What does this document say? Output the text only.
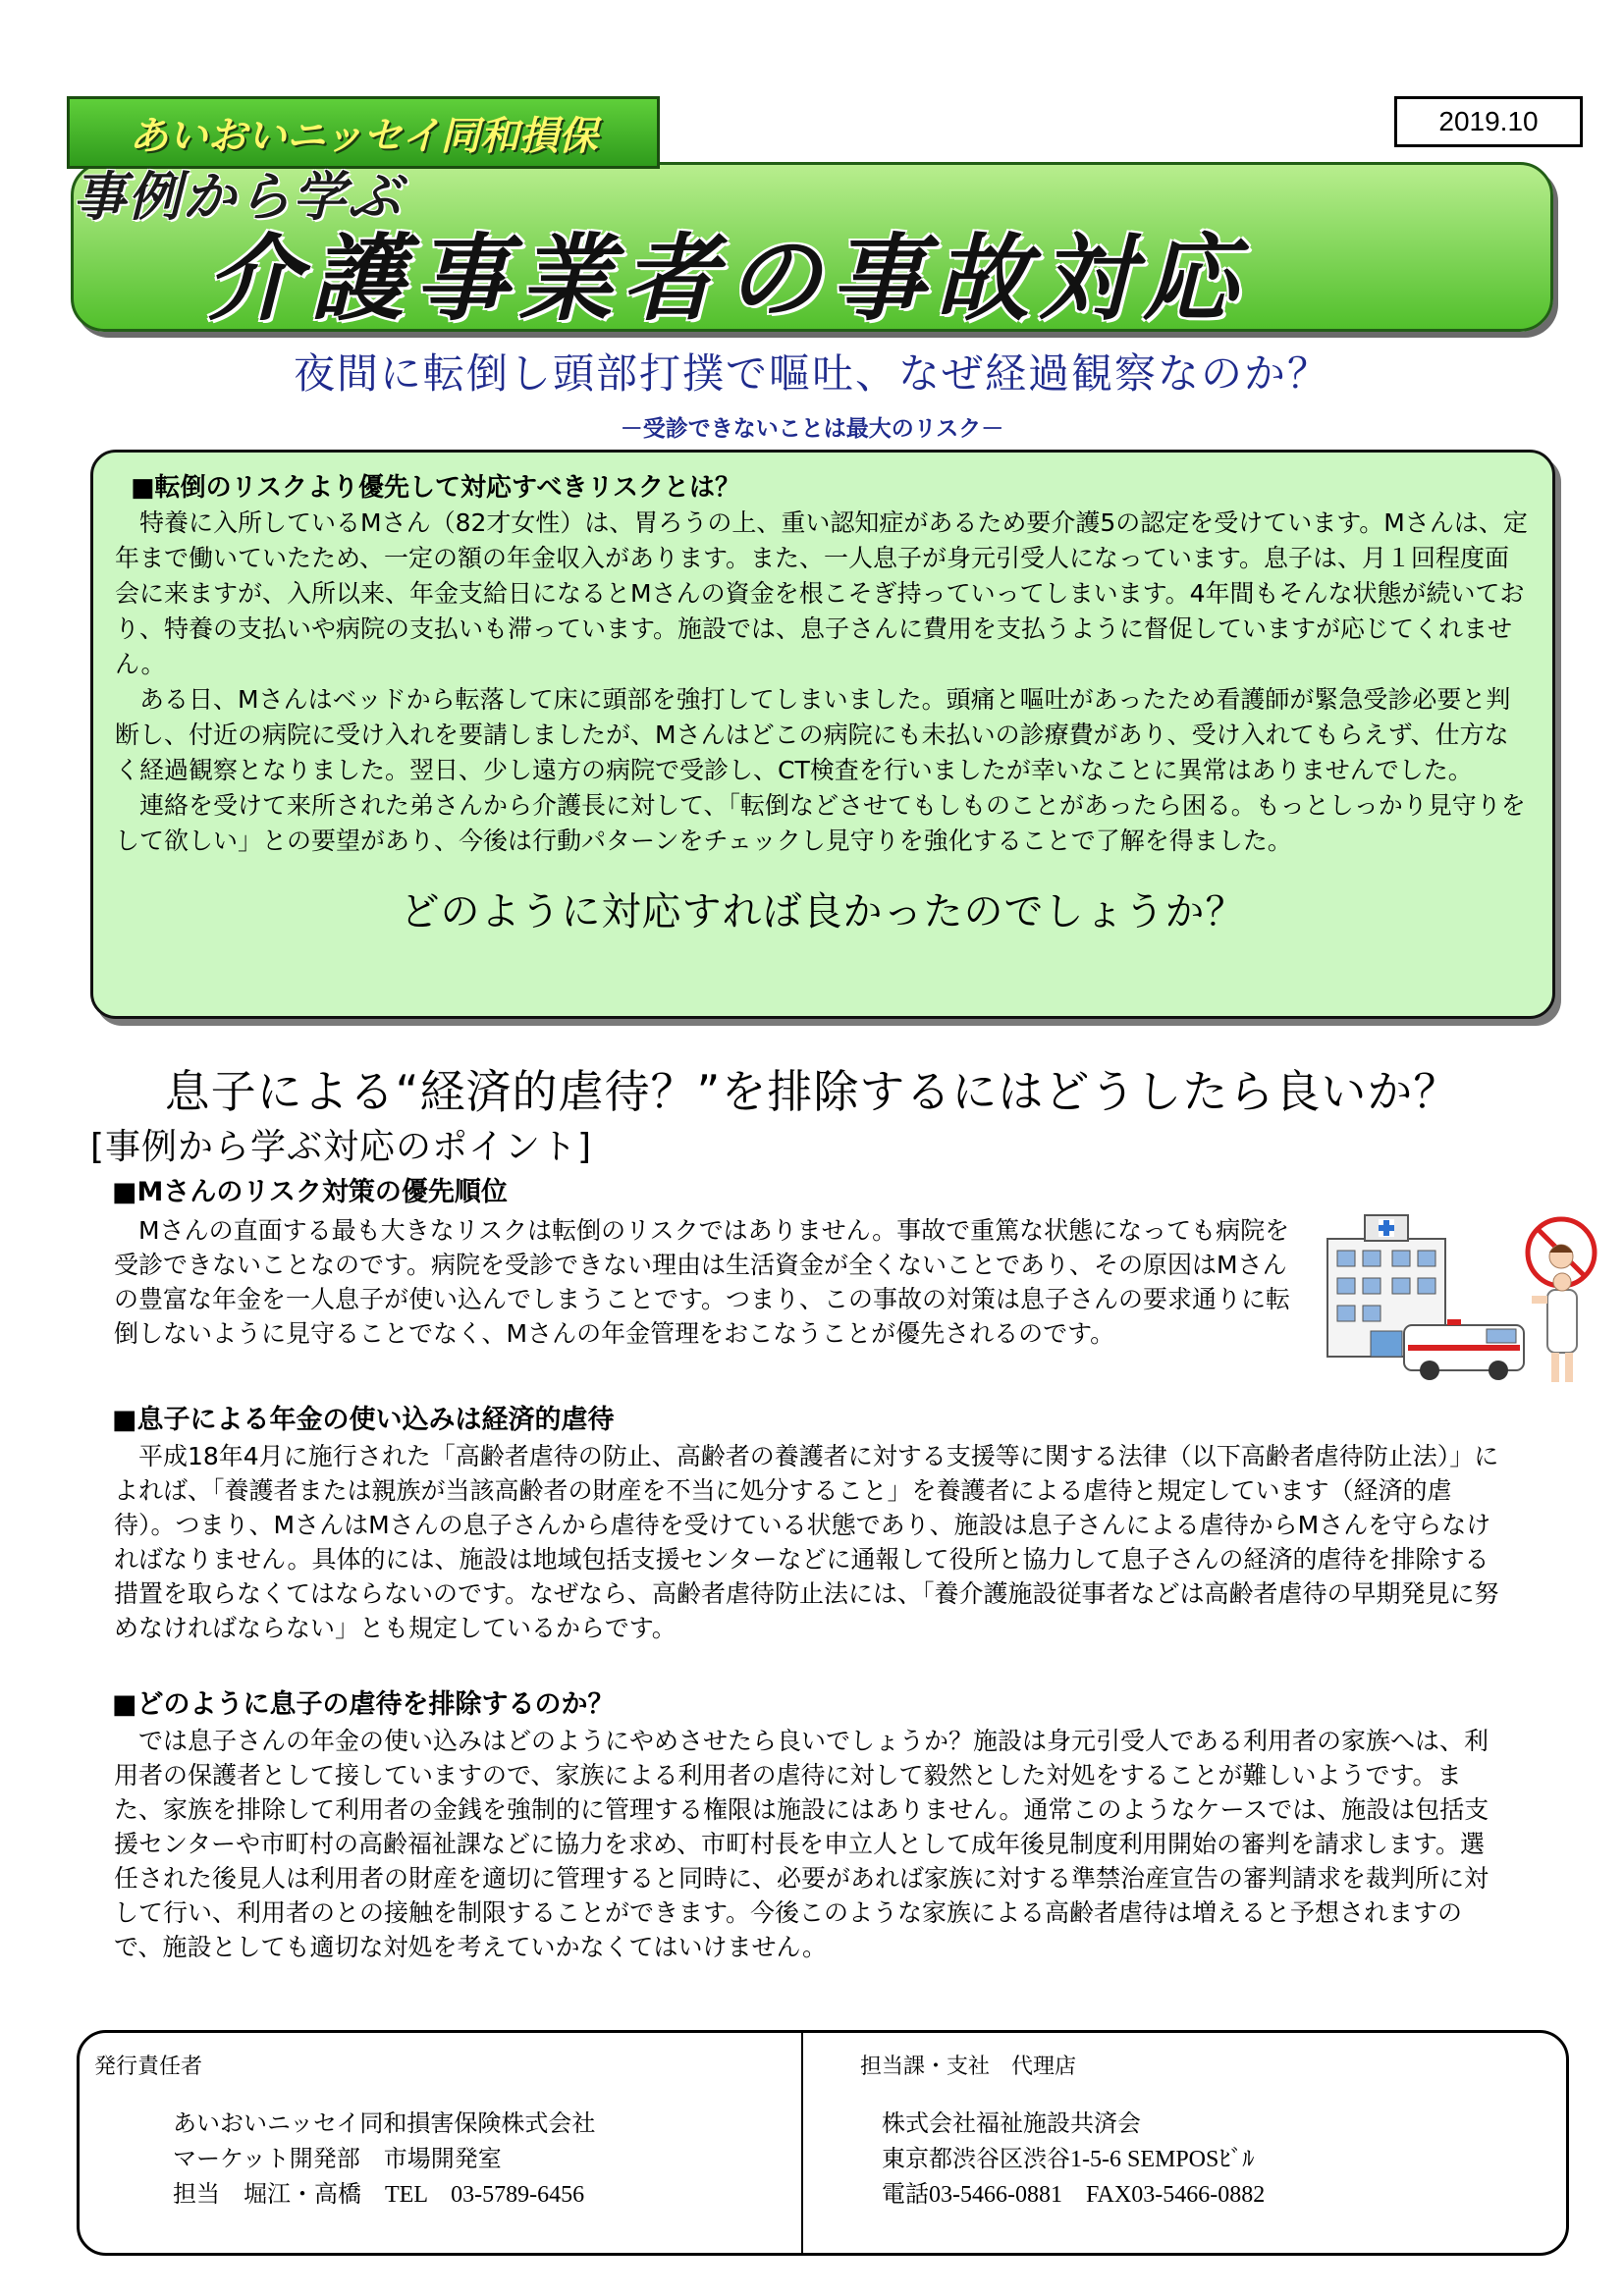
あいおいニッセイ同和損保	2019.10
事例から学ぶ
介護事業者の事故対応
夜間に転倒し頭部打撲で嘔吐、なぜ経過観察なのか？
－受診できないことは最大のリスク－
■転倒のリスクより優先して対応すべきリスクとは？

特養に入所しているMさん（82才女性）は、胃ろうの上、重い認知症があるため要介護5の認定を受けています。Mさんは、定年まで働いていたため、一定の額の年金収入があります。また、一人息子が身元引受人になっています。息子は、月１回程度面会に来ますが、入所以来、年金支給日になるとMさんの資金を根こそぎ持っていってしまいます。4年間もそんな状態が続いており、特養の支払いや病院の支払いも滞っています。施設では、息子さんに費用を支払うように督促していますが応じてくれません。

ある日、Mさんはベッドから転落して床に頭部を強打してしまいました。頭痛と嘔吐があったため看護師が緊急受診必要と判断し、付近の病院に受け入れを要請しましたが、Mさんはどこの病院にも未払いの診療費があり、受け入れてもらえず、仕方なく経過観察となりました。翌日、少し遠方の病院で受診し、CT検査を行いましたが幸いなことに異常はありませんでした。

連絡を受けて来所された弟さんから介護長に対して、「転倒などさせてもしものことがあったら困る。もっとしっかり見守りをして欲しい」との要望があり、今後は行動パターンをチェックし見守りを強化することで了解を得ました。

どのように対応すれば良かったのでしょうか？
息子による“経済的虐待？”を排除するにはどうしたら良いか？
[事例から学ぶ対応のポイント]
■Mさんのリスク対策の優先順位

Mさんの直面する最も大きなリスクは転倒のリスクではありません。事故で重篤な状態になっても病院を受診できないことなのです。病院を受診できない理由は生活資金が全くないことであり、その原因はMさんの豊富な年金を一人息子が使い込んでしまうことです。つまり、この事故の対策は息子さんの要求通りに転倒しないように見守ることでなく、Mさんの年金管理をおこなうことが優先されるのです。

■息子による年金の使い込みは経済的虐待

平成18年4月に施行された「高齢者虐待の防止、高齢者の養護者に対する支援等に関する法律（以下高齢者虐待防止法）」によれば、「養護者または親族が当該高齢者の財産を不当に処分すること」を養護者による虐待と規定しています（経済的虐待）。つまり、MさんはMさんの息子さんから虐待を受けている状態であり、施設は息子さんによる虐待からMさんを守らなければなりません。具体的には、施設は地域包括支援センターなどに通報して役所と協力して息子さんの経済的虐待を排除する措置を取らなくてはならないのです。なぜなら、高齢者虐待防止法には、「養介護施設従事者などは高齢者虐待の早期発見に努めなければならない」とも規定しているからです。

■どのように息子の虐待を排除するのか？

では息子さんの年金の使い込みはどのようにやめさせたら良いでしょうか？施設は身元引受人である利用者の家族へは、利用者の保護者として接していますので、家族による利用者の虐待に対して毅然とした対処をすることが難しいようです。また、家族を排除して利用者の金銭を強制的に管理する権限は施設にはありません。通常このようなケースでは、施設は包括支援センターや市町村の高齢福祉課などに協力を求め、市町村長を申立人として成年後見制度利用開始の審判を請求します。選任された後見人は利用者の財産を適切に管理すると同時に、必要があれば家族に対する準禁治産宣告の審判請求を裁判所に対して行い、利用者のとの接触を制限することができます。今後このような家族による高齢者虐待は増えると予想されますので、施設としても適切な対処を考えていかなくてはいけません。

発行責任者
あいおいニッセイ同和損害保険株式会社
マーケット開発部　市場開発室
担当　堀江・高橋　TEL　03-5789-6456
担当課・支社　代理店
株式会社福祉施設共済会
東京都渋谷区渋谷1-5-6 SEMPOSﾋﾞﾙ
電話03-5466-0881　FAX03-5466-0882
